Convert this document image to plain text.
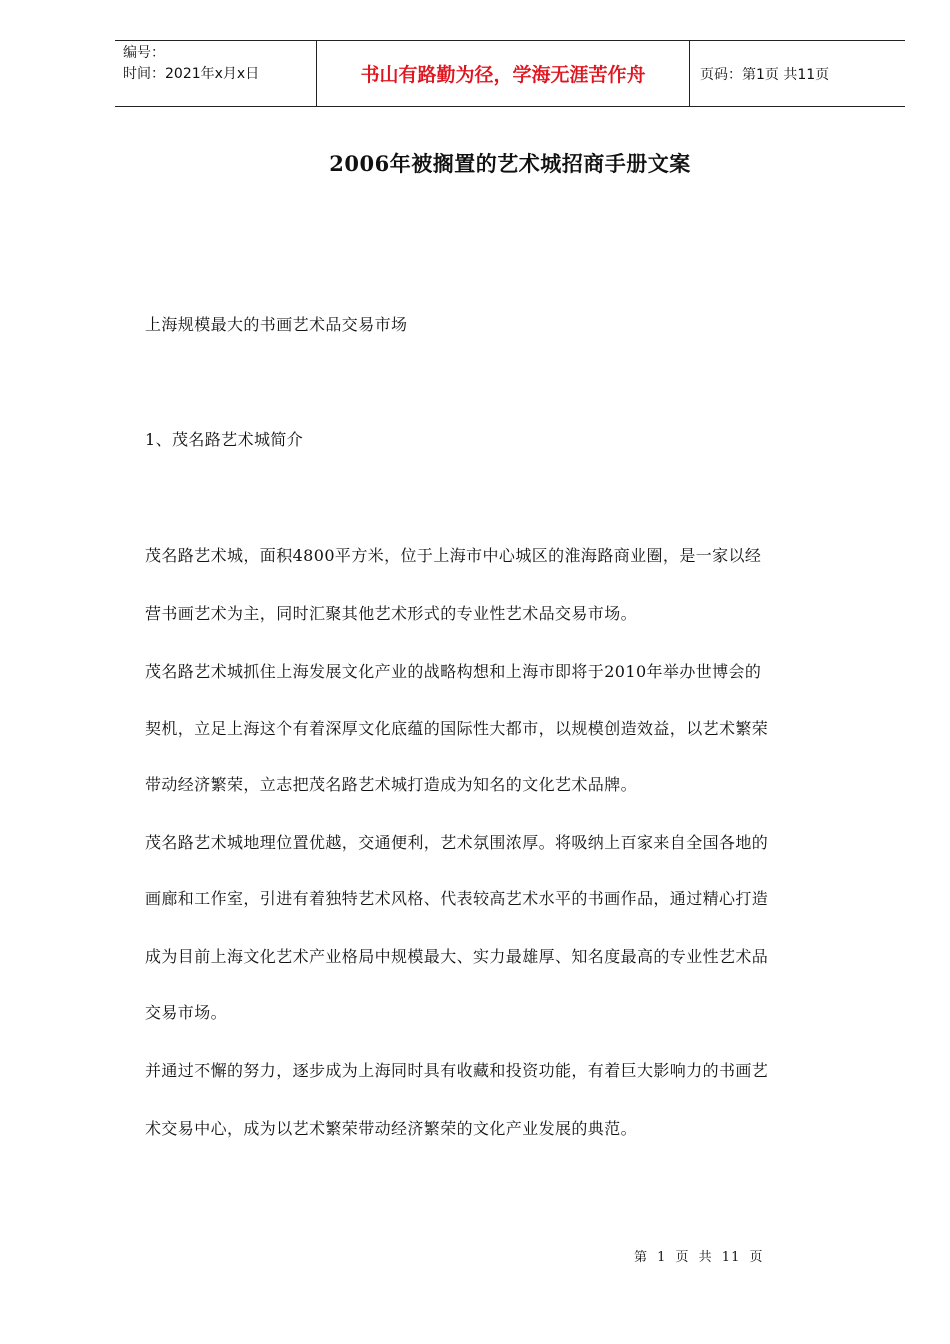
编号：
时间：2021年x月x日	书山有路勤为径，学海无涯苦作舟	页码：第1页 共11页
2006年被搁置的艺术城招商手册文案
上海规模最大的书画艺术品交易市场
1、茂名路艺术城简介
茂名路艺术城，面积4800平方米，位于上海市中心城区的淮海路商业圈，是一家以经
营书画艺术为主，同时汇聚其他艺术形式的专业性艺术品交易市场。
茂名路艺术城抓住上海发展文化产业的战略构想和上海市即将于2010年举办世博会的
契机，立足上海这个有着深厚文化底蕴的国际性大都市，以规模创造效益，以艺术繁荣
带动经济繁荣，立志把茂名路艺术城打造成为知名的文化艺术品牌。
茂名路艺术城地理位置优越，交通便利，艺术氛围浓厚。将吸纳上百家来自全国各地的
画廊和工作室，引进有着独特艺术风格、代表较高艺术水平的书画作品，通过精心打造
成为目前上海文化艺术产业格局中规模最大、实力最雄厚、知名度最高的专业性艺术品
交易市场。
并通过不懈的努力，逐步成为上海同时具有收藏和投资功能，有着巨大影响力的书画艺
术交易中心，成为以艺术繁荣带动经济繁荣的文化产业发展的典范。
第 1 页 共 11 页
